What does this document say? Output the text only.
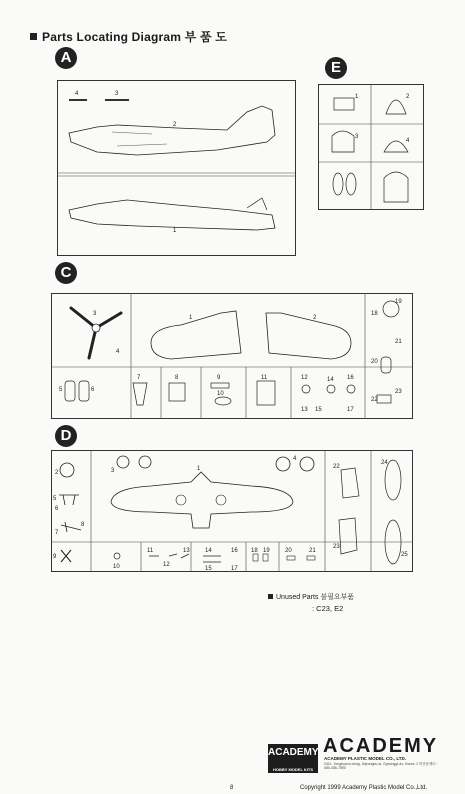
Parts Locating Diagram 부 품 도
A
4	3
2
1
E
1	2
3
4
C
3
1	2
4
5	6
7	8	9
10
11	12
13
14
15
16
17
18
19
20
21
22
23
D
1
2	3
4
5
6
7
8
9
10
11
12
13	14
15
16
17
18 19	20	21
22
23
24
25
Unused Parts 불필요부품
: C23, E2
ACADEMY
HOBBY MODEL KITS
ACADEMY
ACADEMY PLASTIC MODEL CO., LTD.
2411, Yonghyeon-dong, Uijeongbu-si, Gyeonggi-do, Korea 고객상담센터 : 080-456-7890
8	Copyright 1999 Academy Plastic Model Co.,Ltd.
